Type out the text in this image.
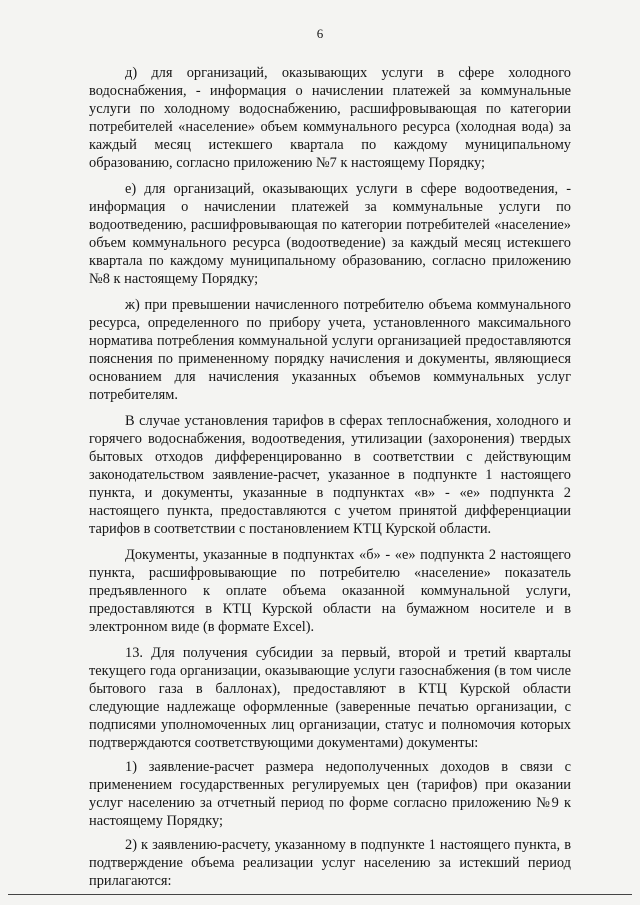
6

д) для организаций, оказывающих услуги в сфере холодного водоснабжения, - информация о начислении платежей за коммунальные услуги по холодному водоснабжению, расшифровывающая по категории потребителей «население» объем коммунального ресурса (холодная вода) за каждый месяц истекшего квартала по каждому муниципальному образованию, согласно приложению №7 к настоящему Порядку;

е) для организаций, оказывающих услуги в сфере водоотведения, - информация о начислении платежей за коммунальные услуги по водоотведению, расшифровывающая по категории потребителей «население» объем коммунального ресурса (водоотведение) за каждый месяц истекшего квартала по каждому муниципальному образованию, согласно приложению №8 к настоящему Порядку;

ж) при превышении начисленного потребителю объема коммунального ресурса, определенного по прибору учета, установленного максимального норматива потребления коммунальной услуги организацией предоставляются пояснения по примененному порядку начисления и документы, являющиеся основанием для начисления указанных объемов коммунальных услуг потребителям.

В случае установления тарифов в сферах теплоснабжения, холодного и горячего водоснабжения, водоотведения, утилизации (захоронения) твердых бытовых отходов дифференцированно в соответствии с действующим законодательством заявление-расчет, указанное в подпункте 1 настоящего пункта, и документы, указанные в подпунктах «в» - «е» подпункта 2 настоящего пункта, предоставляются с учетом принятой дифференциации тарифов в соответствии с постановлением КТЦ Курской области.

Документы, указанные в подпунктах «б» - «е» подпункта 2 настоящего пункта, расшифровывающие по потребителю «население» показатель предъявленного к оплате объема оказанной коммунальной услуги, предоставляются в КТЦ Курской области на бумажном носителе и в электронном виде (в формате Excel).

13. Для получения субсидии за первый, второй и третий кварталы текущего года организации, оказывающие услуги газоснабжения (в том числе бытового газа в баллонах), предоставляют в КТЦ Курской области следующие надлежаще оформленные (заверенные печатью организации, с подписями уполномоченных лиц организации, статус и полномочия которых подтверждаются соответствующими документами) документы:

1) заявление-расчет размера недополученных доходов в связи с применением государственных регулируемых цен (тарифов) при оказании услуг населению за отчетный период по форме согласно приложению №9 к настоящему Порядку;

2) к заявлению-расчету, указанному в подпункте 1 настоящего пункта, в подтверждение объема реализации услуг населению за истекший период прилагаются:
